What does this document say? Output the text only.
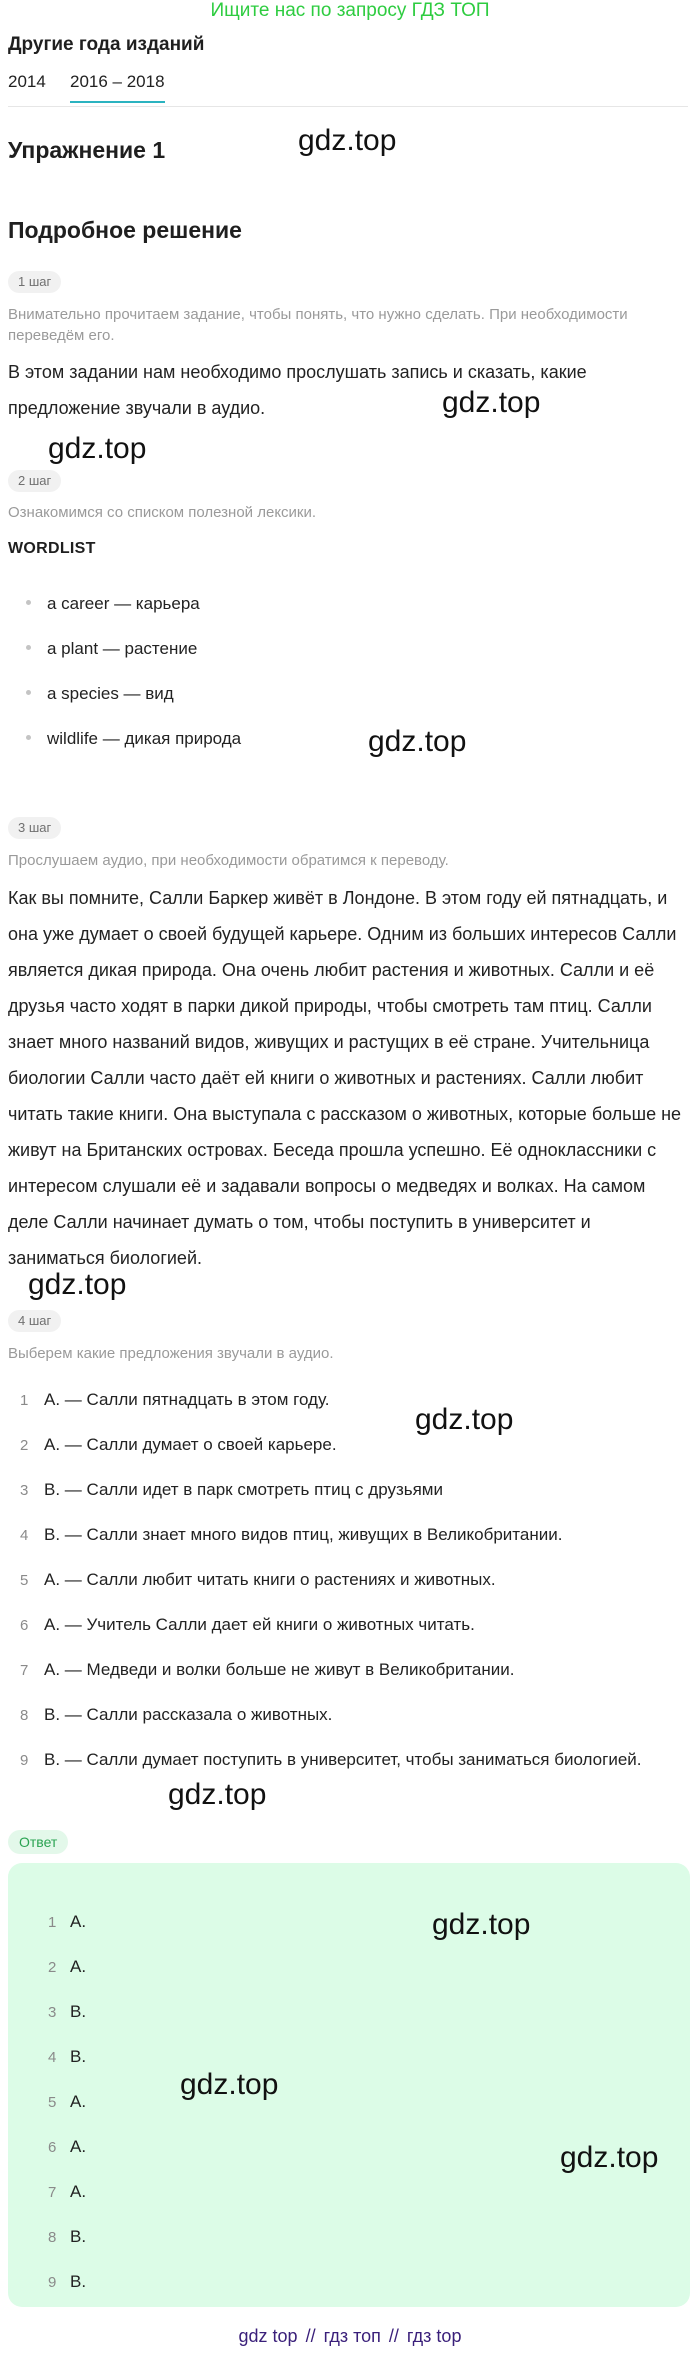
Ищите нас по запросу ГДЗ ТОП
Другие года изданий
2014 2016 – 2018
Упражнение 1	gdz.top
Подробное решение
1 шаг
Внимательно прочитаем задание, чтобы понять, что нужно сделать. При необходимости переведём его.
В этом задании нам необходимо прослушать запись и сказать, какие предложение звучали в аудио.	gdz.top
gdz.top
2 шаг
Ознакомимся со списком полезной лексики.
WORDLIST
a career — карьера
a plant — растение
a species — вид
wildlife — дикая природа	gdz.top
3 шаг
Прослушаем аудио, при необходимости обратимся к переводу.
Как вы помните, Салли Баркер живёт в Лондоне. В этом году ей пятнадцать, и она уже думает о своей будущей карьере. Одним из больших интересов Салли является дикая природа. Она очень любит растения и животных. Салли и её друзья часто ходят в парки дикой природы, чтобы смотреть там птиц. Салли знает много названий видов, живущих и растущих в её стране. Учительница биологии Салли часто даёт ей книги о животных и растениях. Салли любит читать такие книги. Она выступала с рассказом о животных, которые больше не живут на Британских островах. Беседа прошла успешно. Её одноклассники с интересом слушали её и задавали вопросы о медведях и волках. На самом деле Салли начинает думать о том, чтобы поступить в университет и заниматься биологией.
gdz.top
4 шаг
Выберем какие предложения звучали в аудио.
1 A. — Салли пятнадцать в этом году.
2 A. — Салли думает о своей карьере.
3 B. — Салли идет в парк смотреть птиц с друзьями
4 B. — Салли знает много видов птиц, живущих в Великобритании.
5 A. — Салли любит читать книги о растениях и животных.
6 A. — Учитель Салли дает ей книги о животных читать.
7 A. — Медведи и волки больше не живут в Великобритании.
8 B. — Салли рассказала о животных.
9 B. — Салли думает поступить в университет, чтобы заниматься биологией.
gdz.top
gdz.top
Ответ
1 A.
2 A.
3 B.
4 B.
5 A.
6 A.
7 A.
8 B.
9 B.
gdz.top
gdz.top
gdz.top
gdz top // гдз топ // гдз top
